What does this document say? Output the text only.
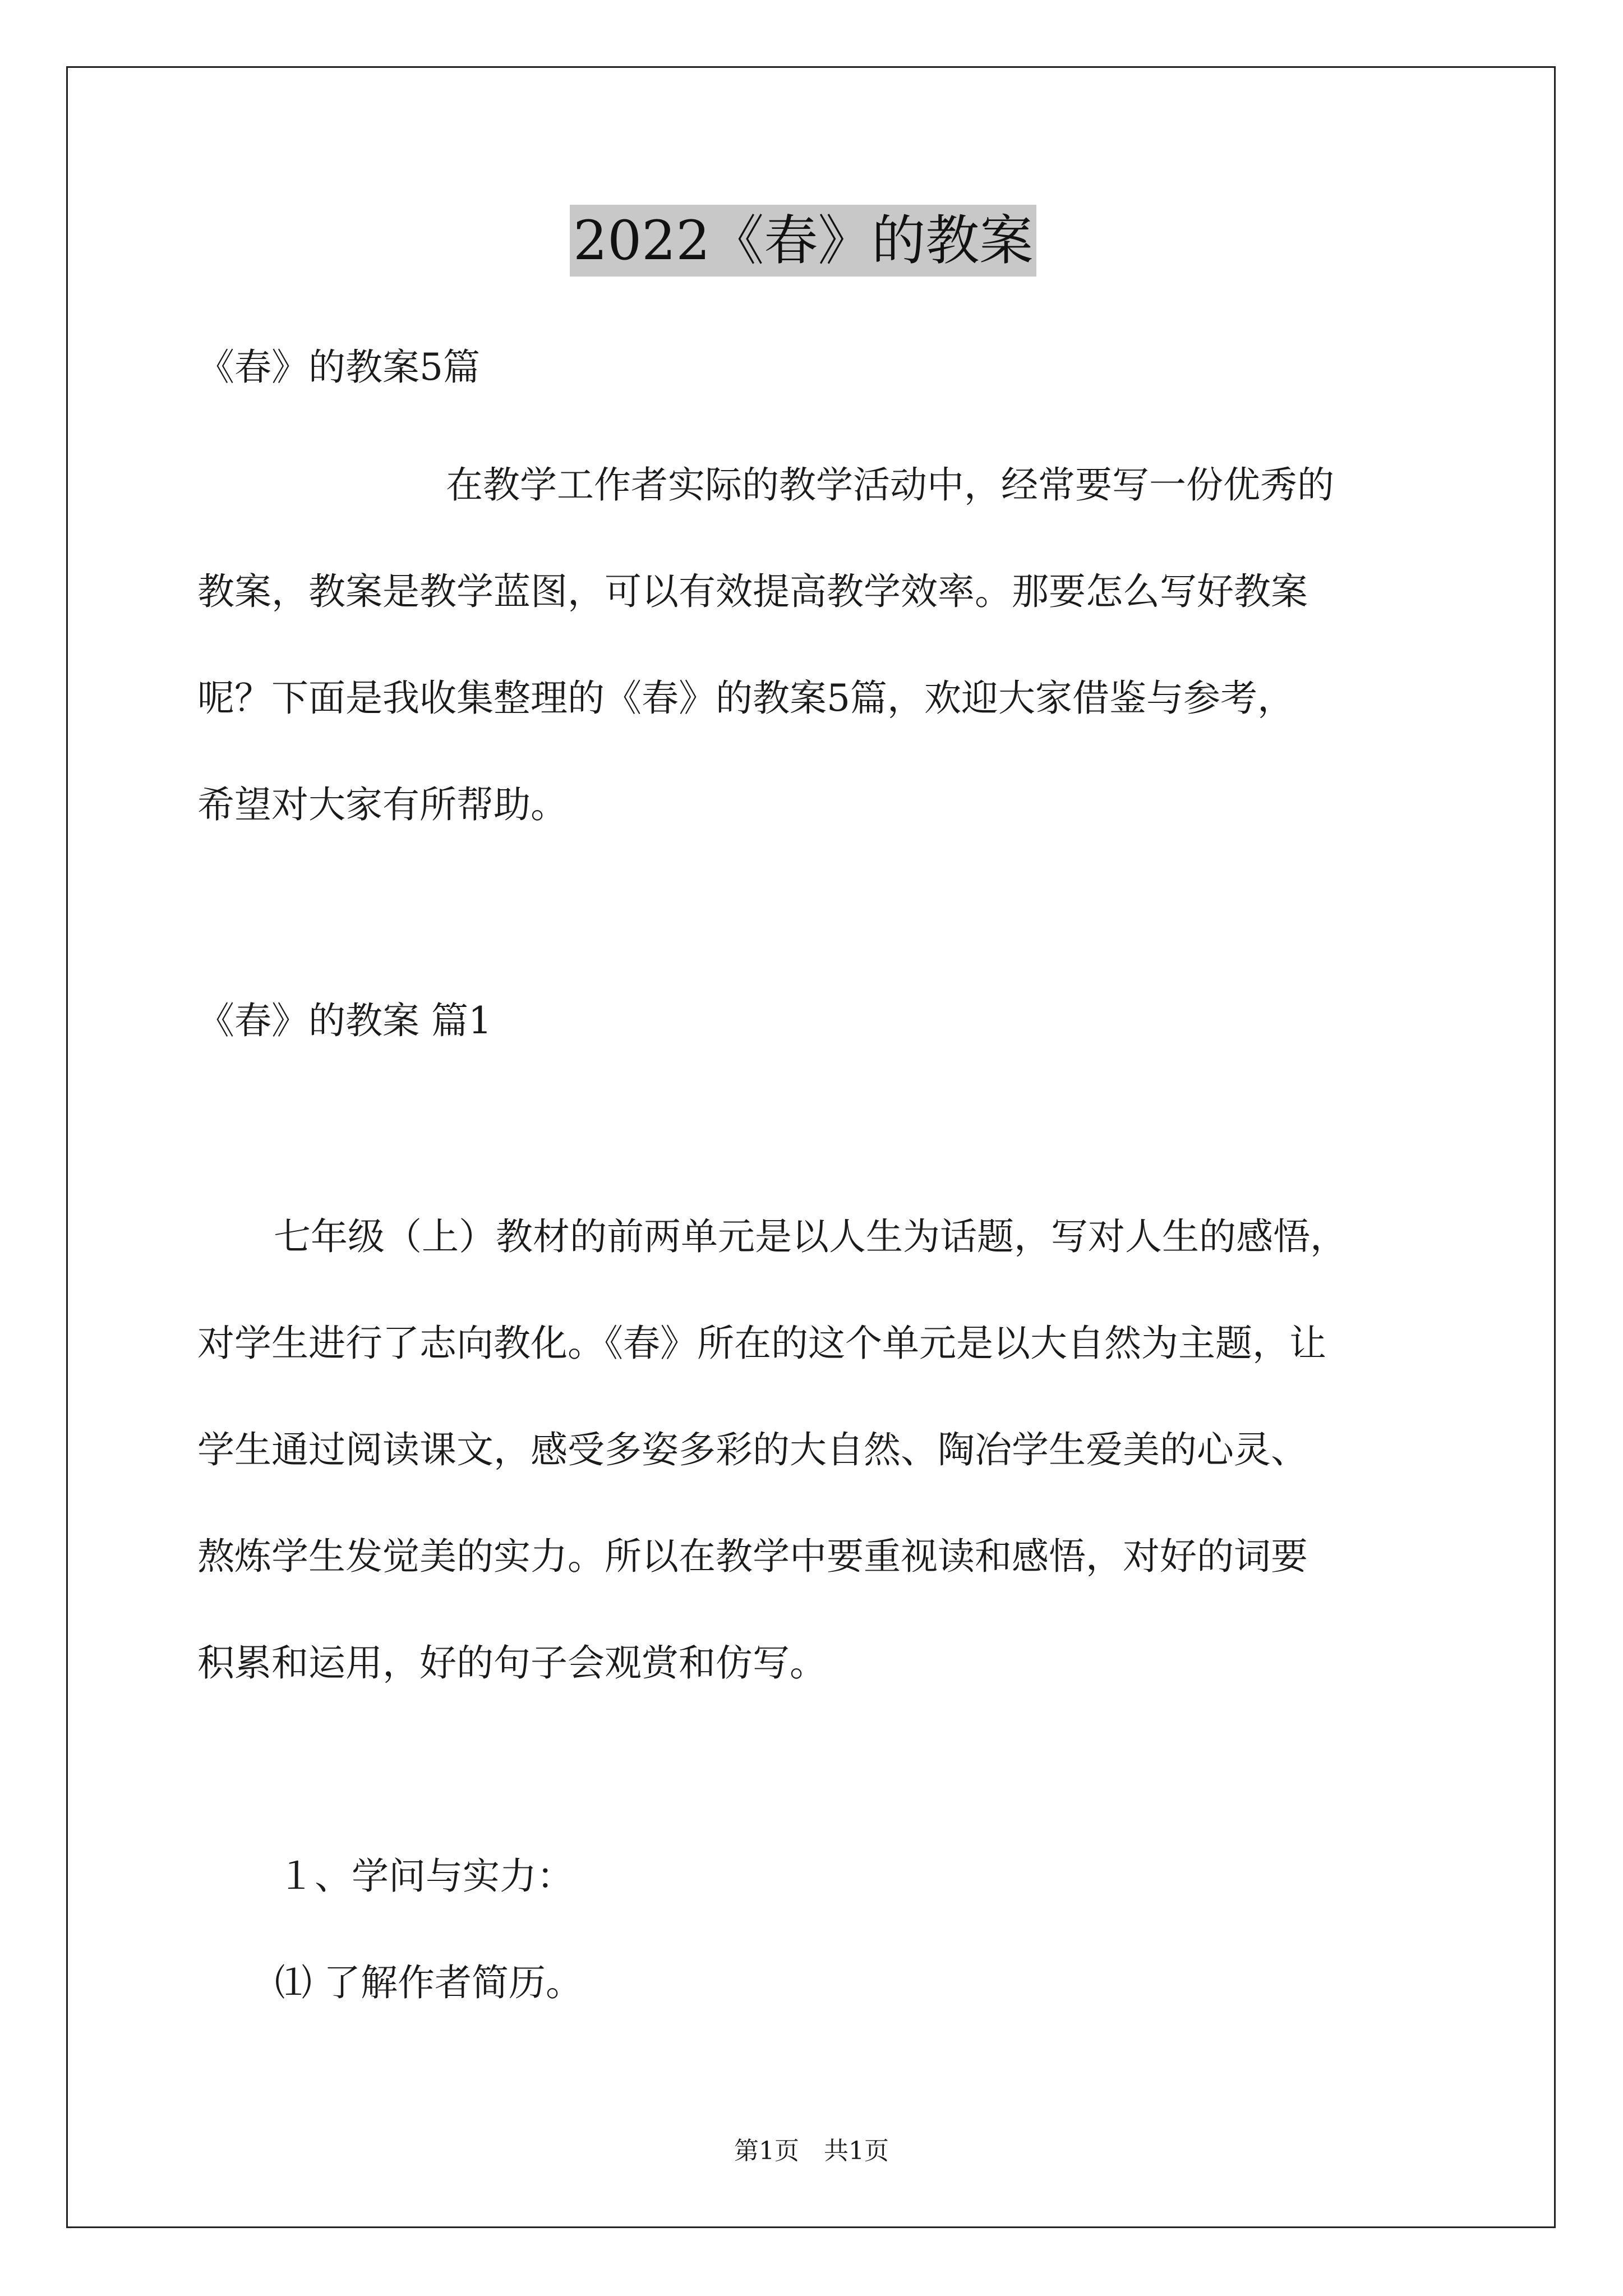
2022《春》的教案
《春》的教案5篇
在教学工作者实际的教学活动中，经常要写一份优秀的
教案，教案是教学蓝图，可以有效提高教学效率。那要怎么写好教案
呢？下面是我收集整理的《春》的教案5篇，欢迎大家借鉴与参考，
希望对大家有所帮助。
《春》的教案 篇1
七年级（上）教材的前两单元是以人生为话题，写对人生的感悟，
对学生进行了志向教化。《春》所在的这个单元是以大自然为主题，让
学生通过阅读课文，感受多姿多彩的大自然、陶冶学生爱美的心灵、
熬炼学生发觉美的实力。所以在教学中要重视读和感悟，对好的词要
积累和运用，好的句子会观赏和仿写。
１、学问与实力：
⑴ 了解作者简历。
第1页　共1页
